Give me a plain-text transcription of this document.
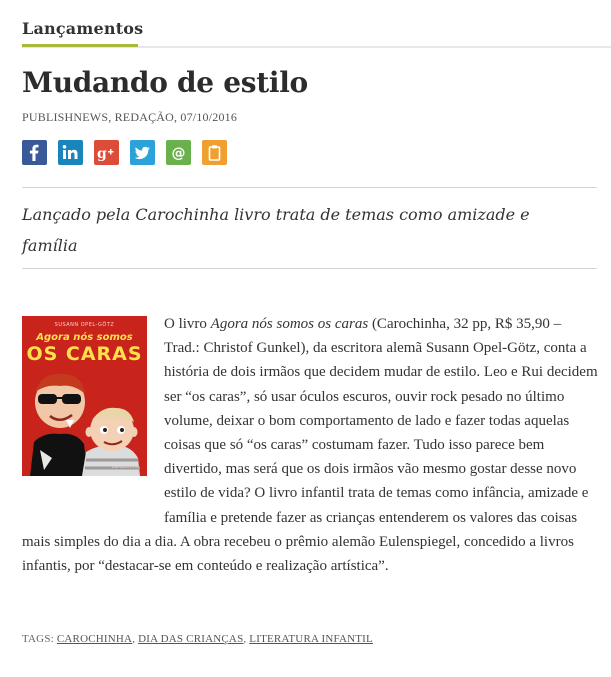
Lançamentos
Mudando de estilo
PUBLISHNEWS, REDAÇÃO, 07/10/2016
g	@

Lançado pela Carochinha livro trata de temas como amizade e família

O livro Agora nós somos os caras (Carochinha, 32 pp, R$ 35,90 – Trad.: Christof Gunkel), da escritora alemã Susann Opel-Götz, conta a história de dois irmãos que decidem mudar de estilo. Leo e Rui decidem ser “os caras”, só usar óculos escuros, ouvir rock pesado no último volume, deixar o bom comportamento de lado e fazer todas aquelas coisas que só “os caras” costumam fazer. Tudo isso parece bem divertido, mas será que os dois irmãos vão mesmo gostar desse novo estilo de vida? O livro infantil trata de temas como infância, amizade e família e pretende fazer as crianças entenderem os valores das coisas mais simples do dia a dia. A obra recebeu o prêmio alemão Eulenspiegel, concedido a livros infantis, por “destacar-se em conteúdo e realização artística”.
SUSANN OPEL-GÖTZ
Agora nós somos
OS CARAS
carochinha
TAGS: CAROCHINHA, DIA DAS CRIANÇAS, LITERATURA INFANTIL
